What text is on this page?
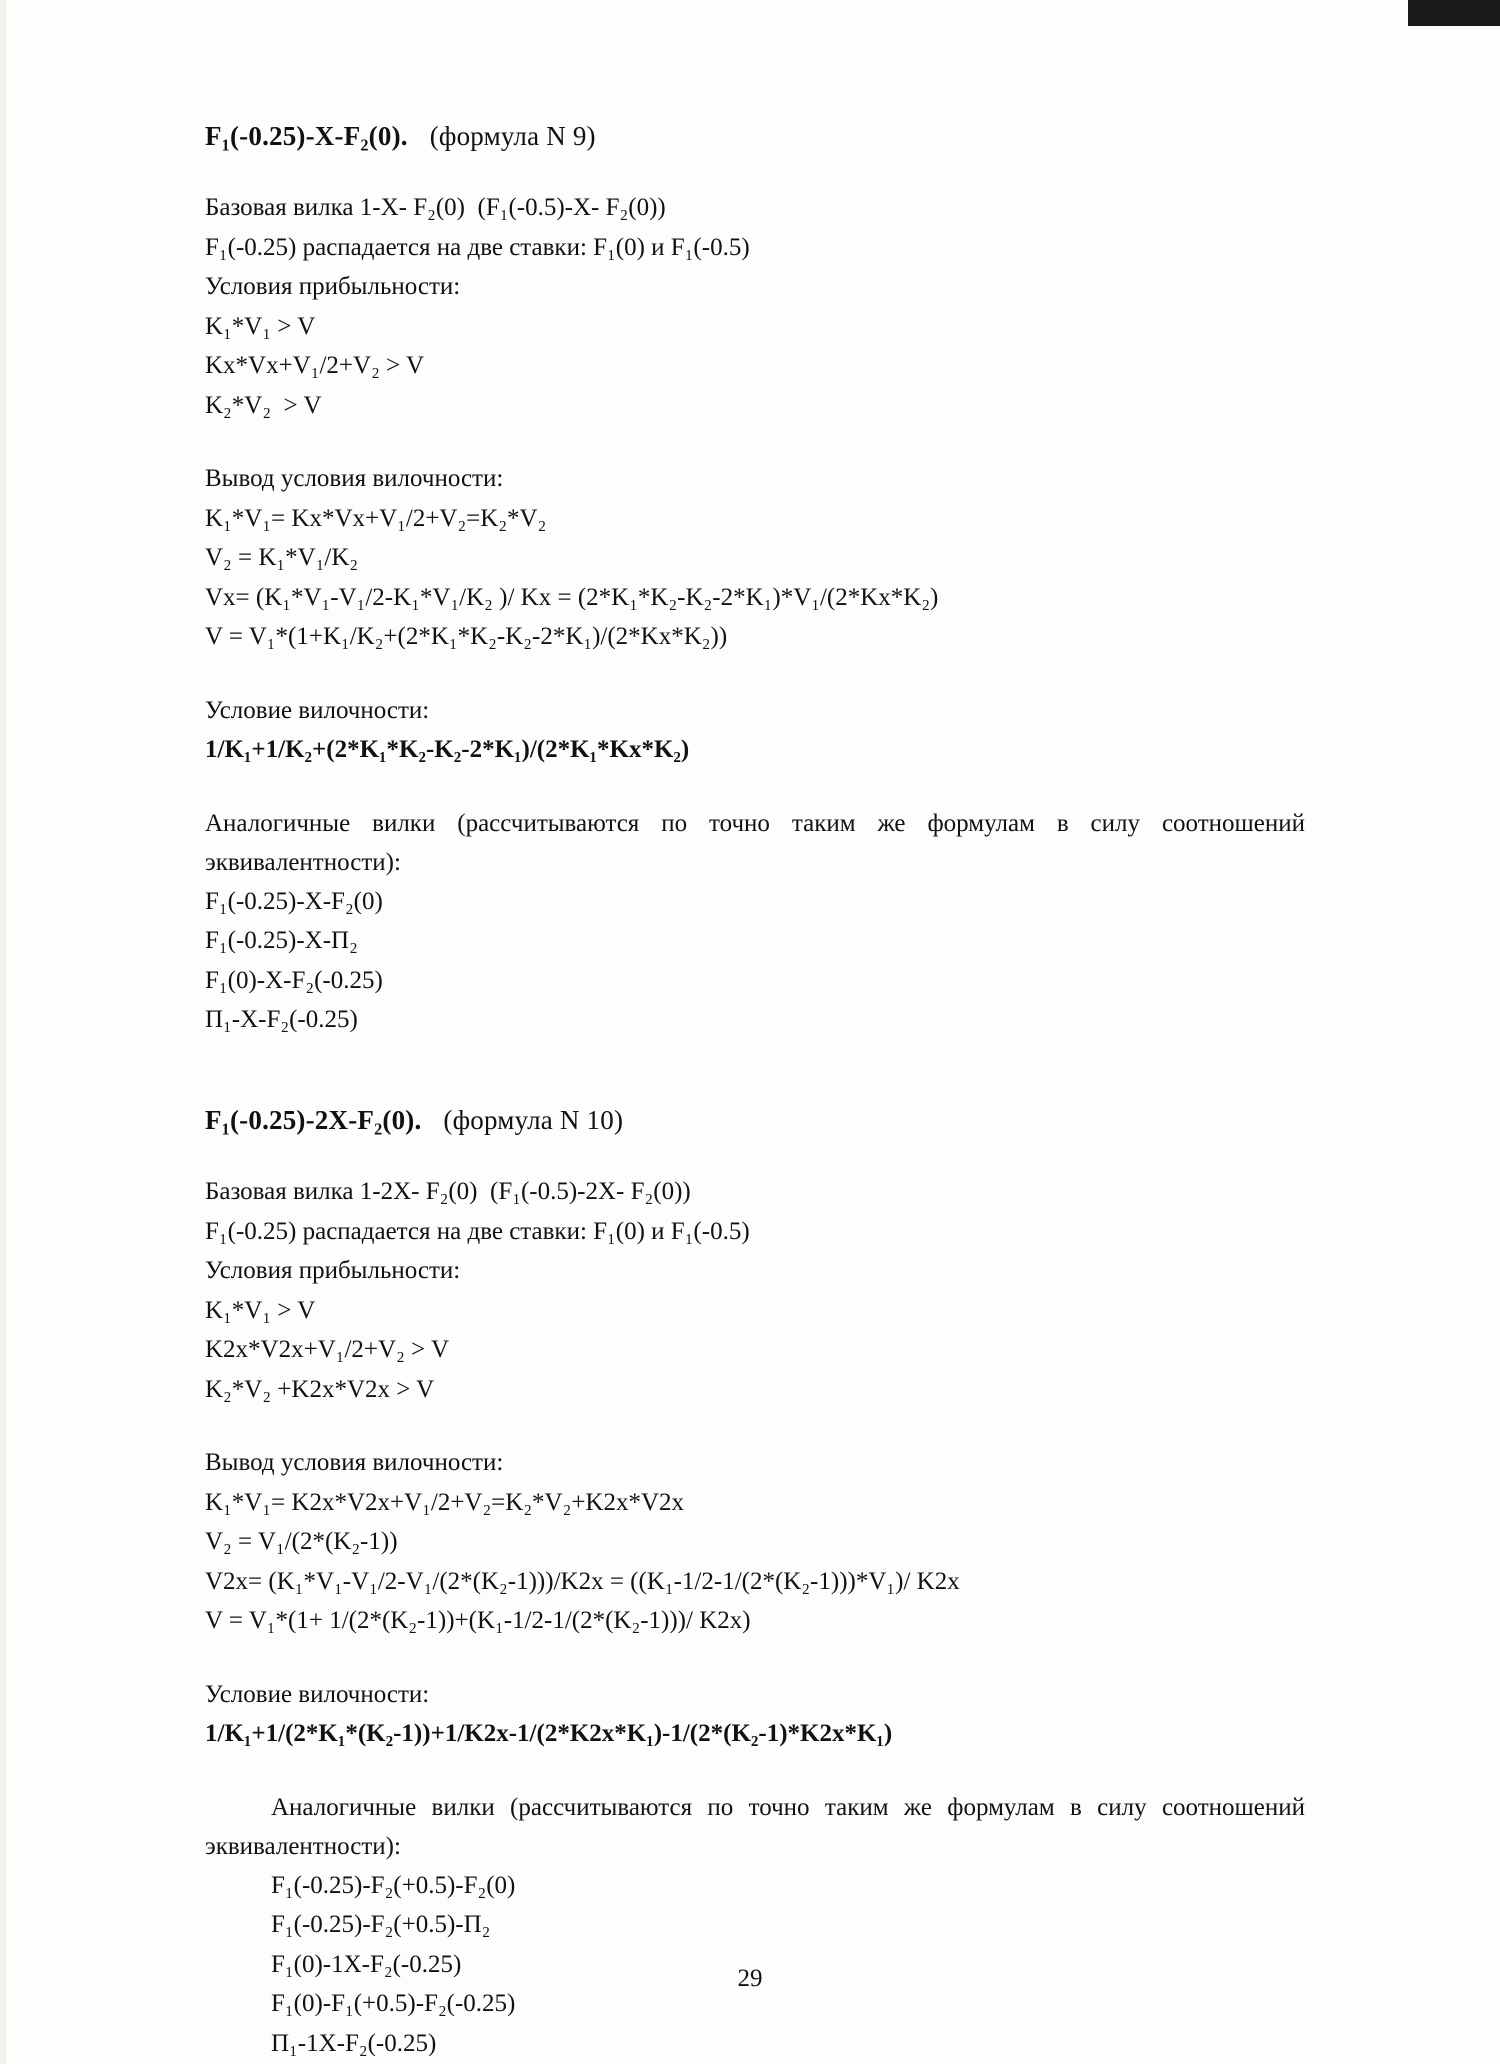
F₁(-0.25)-X-F₂(0). (формула N 9)
Базовая вилка 1-X- F₂(0)  (F₁(-0.5)-X- F₂(0))
F₁(-0.25) распадается на две ставки: F₁(0) и F₁(-0.5)
Условия прибыльности:
K₁*V₁ > V
Kx*Vx+V₁/2+V₂ > V
K₂*V₂  > V
Вывод условия вилочности:
K₁*V₁= Kx*Vx+V₁/2+V₂=K₂*V₂
V₂ = K₁*V₁/K₂
Vx= (K₁*V₁-V₁/2-K₁*V₁/K₂ )/ Kx = (2*K₁*K₂-K₂-2*K₁)*V₁/(2*Kx*K₂)
V = V₁*(1+K₁/K₂+(2*K₁*K₂-K₂-2*K₁)/(2*Kx*K₂))
Условие вилочности:
1/K₁+1/K₂+(2*K₁*K₂-K₂-2*K₁)/(2*K₁*Kx*K₂)
Аналогичные вилки (рассчитываются по точно таким же формулам в силу соотношений эквивалентности):
F₁(-0.25)-X-F₂(0)
F₁(-0.25)-X-П₂
F₁(0)-X-F₂(-0.25)
П₁-X-F₂(-0.25)
F₁(-0.25)-2X-F₂(0). (формула N 10)
Базовая вилка 1-2X- F₂(0)  (F₁(-0.5)-2X- F₂(0))
F₁(-0.25) распадается на две ставки: F₁(0) и F₁(-0.5)
Условия прибыльности:
K₁*V₁ > V
K2x*V2x+V₁/2+V₂ > V
K₂*V₂ +K2x*V2x > V
Вывод условия вилочности:
K₁*V₁= K2x*V2x+V₁/2+V₂=K₂*V₂+K2x*V2x
V₂ = V₁/(2*(K₂-1))
V2x= (K₁*V₁-V₁/2-V₁/(2*(K₂-1)))/K2x = ((K₁-1/2-1/(2*(K₂-1)))*V₁)/ K2x
V = V₁*(1+ 1/(2*(K₂-1))+(K₁-1/2-1/(2*(K₂-1)))/ K2x)
Условие вилочности:
1/K₁+1/(2*K₁*(K₂-1))+1/K2x-1/(2*K2x*K₁)-1/(2*(K₂-1)*K2x*K₁)
Аналогичные вилки (рассчитываются по точно таким же формулам в силу соотношений эквивалентности):
F₁(-0.25)-F₂(+0.5)-F₂(0)
F₁(-0.25)-F₂(+0.5)-П₂
F₁(0)-1X-F₂(-0.25)
F₁(0)-F₁(+0.5)-F₂(-0.25)
П₁-1X-F₂(-0.25)
29
